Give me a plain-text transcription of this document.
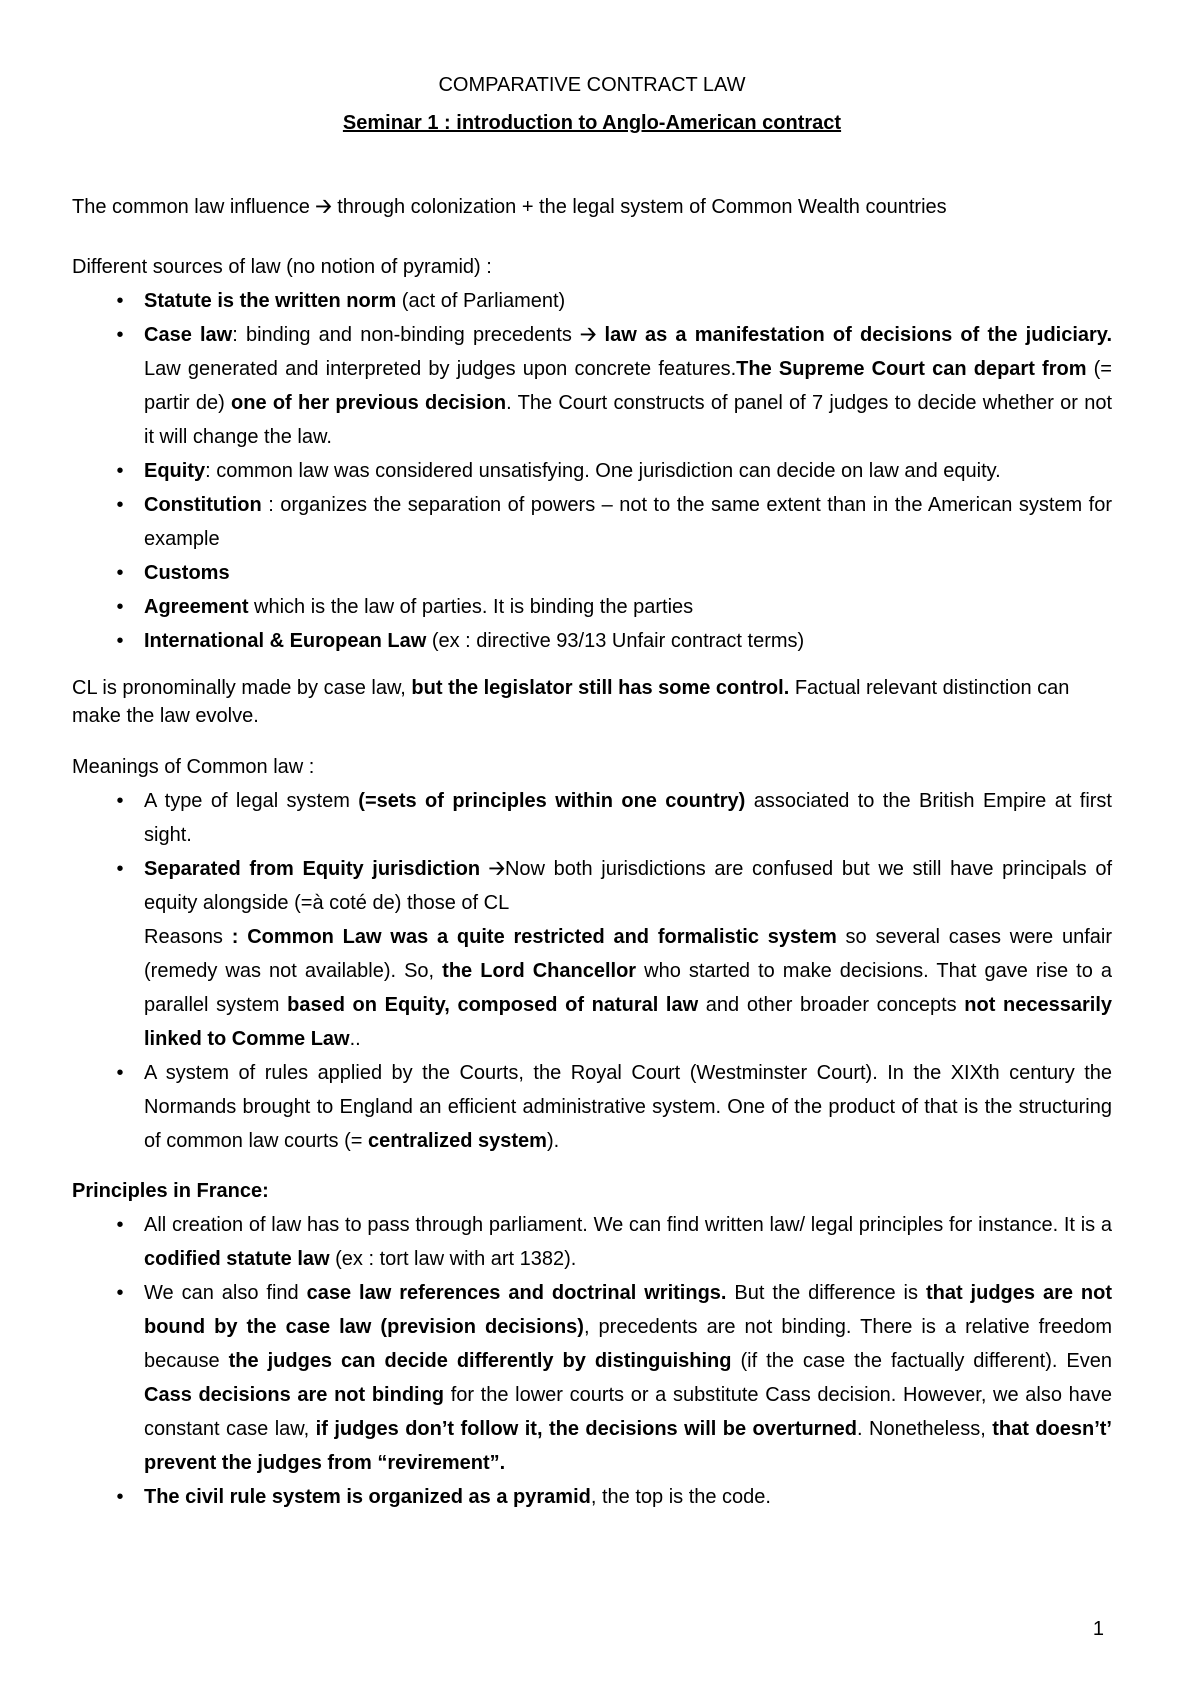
COMPARATIVE CONTRACT LAW

Seminar 1 : introduction to Anglo-American contract

The common law influence 🡢 through colonization + the legal system of Common Wealth countries

Different sources of law (no notion of pyramid) :

•	Statute is the written norm (act of Parliament)
•	Case law: binding and non-binding precedents 🡢 law as a manifestation of decisions of the judiciary. Law generated and interpreted by judges upon concrete features.The Supreme Court can depart from (= partir de) one of her previous decision. The Court constructs of panel of 7 judges to decide whether or not it will change the law.
•	Equity: common law was considered unsatisfying. One jurisdiction can decide on law and equity.
•	Constitution : organizes the separation of powers – not to the same extent than in the American system for example
•	Customs
•	Agreement which is the law of parties. It is binding the parties
•	International & European Law (ex : directive 93/13 Unfair contract terms)

CL is pronominally made by case law, but the legislator still has some control. Factual relevant distinction can make the law evolve.

Meanings of Common law :

•	A type of legal system (=sets of principles within one country) associated to the British Empire at first sight.
•	Separated from Equity jurisdiction 🡢Now both jurisdictions are confused but we still have principals of equity alongside (=à coté de) those of CL
Reasons : Common Law was a quite restricted and formalistic system so several cases were unfair (remedy was not available). So, the Lord Chancellor who started to make decisions. That gave rise to a parallel system based on Equity, composed of natural law and other broader concepts not necessarily linked to Comme Law..
•	A system of rules applied by the Courts, the Royal Court (Westminster Court). In the XIXth century the Normands brought to England an efficient administrative system. One of the product of that is the structuring of common law courts (= centralized system).

Principles in France:

•	All creation of law has to pass through parliament. We can find written law/ legal principles for instance. It is a codified statute law (ex : tort law with art 1382).
•	We can also find case law references and doctrinal writings. But the difference is that judges are not bound by the case law (prevision decisions), precedents are not binding. There is a relative freedom because the judges can decide differently by distinguishing (if the case the factually different). Even Cass decisions are not binding for the lower courts or a substitute Cass decision. However, we also have constant case law, if judges don’t follow it, the decisions will be overturned. Nonetheless, that doesn’t’ prevent the judges from “revirement”.
•	The civil rule system is organized as a pyramid, the top is the code.
1
